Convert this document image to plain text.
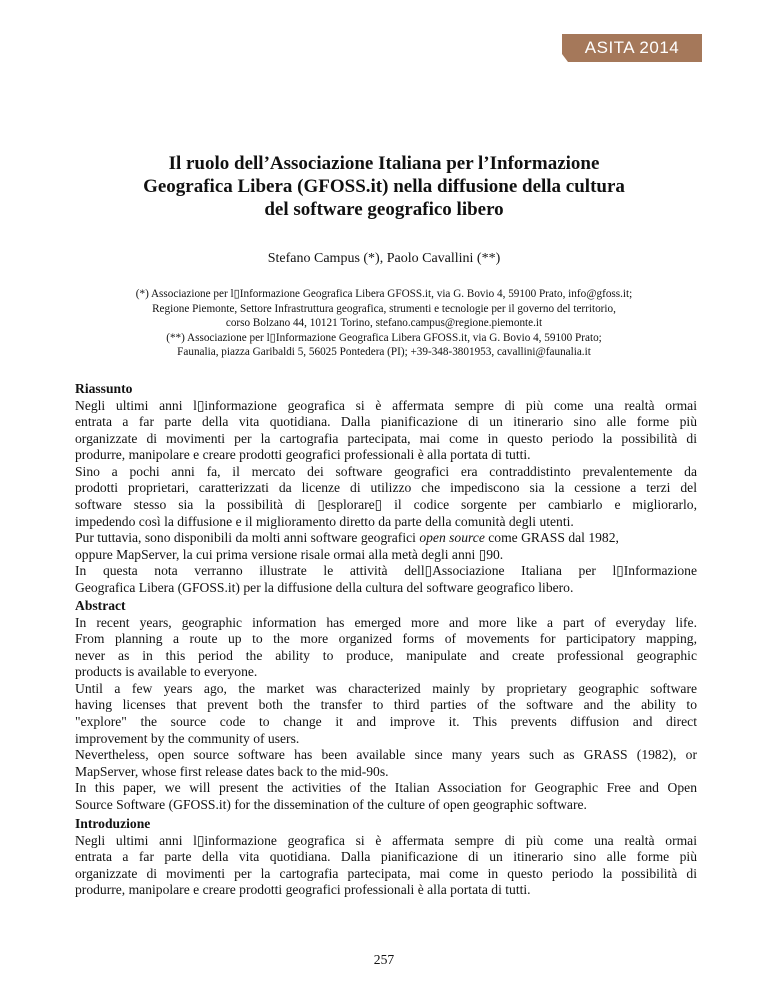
ASITA 2014
Il ruolo dell’Associazione Italiana per l’Informazione
Geografica Libera (GFOSS.it) nella diffusione della cultura
del software geografico libero
Stefano Campus (*), Paolo Cavallini (**)
(*) Associazione per l▯Informazione Geografica Libera GFOSS.it, via G. Bovio 4, 59100 Prato, info@gfoss.it;
Regione Piemonte, Settore Infrastruttura geografica, strumenti e tecnologie per il governo del territorio,
corso Bolzano 44, 10121 Torino, stefano.campus@regione.piemonte.it
(**) Associazione per l▯Informazione Geografica Libera GFOSS.it, via G. Bovio 4, 59100 Prato;
Faunalia, piazza Garibaldi 5, 56025 Pontedera (PI); +39-348-3801953, cavallini@faunalia.it
Riassunto
Negli ultimi anni l▯informazione geografica si è affermata sempre di più come una realtà ormai
entrata a far parte della vita quotidiana. Dalla pianificazione di un itinerario sino alle forme più
organizzate di movimenti per la cartografia partecipata, mai come in questo periodo la possibilità di
produrre, manipolare e creare prodotti geografici professionali è alla portata di tutti.
Sino a pochi anni fa, il mercato dei software geografici era contraddistinto prevalentemente da
prodotti proprietari, caratterizzati da licenze di utilizzo che impediscono sia la cessione a terzi del
software stesso sia la possibilità di ▯esplorare▯ il codice sorgente per cambiarlo e migliorarlo,
impedendo così la diffusione e il miglioramento diretto da parte della comunità degli utenti.
Pur tuttavia, sono disponibili da molti anni software geografici open source come GRASS dal 1982,
oppure MapServer, la cui prima versione risale ormai alla metà degli anni ▯90.
In questa nota verranno illustrate le attività dell▯Associazione Italiana per l▯Informazione
Geografica Libera (GFOSS.it) per la diffusione della cultura del software geografico libero.
Abstract
In recent years, geographic information has emerged more and more like a part of everyday life.
From planning a route up to the more organized forms of movements for participatory mapping,
never as in this period the ability to produce, manipulate and create professional geographic
products is available to everyone.
Until a few years ago, the market was characterized mainly by proprietary geographic software
having licenses that prevent both the transfer to third parties of the software and the ability to
"explore" the source code to change it and improve it. This prevents diffusion and direct
improvement by the community of users.
Nevertheless, open source software has been available since many years such as GRASS (1982), or
MapServer, whose first release dates back to the mid-90s.
In this paper, we will present the activities of the Italian Association for Geographic Free and Open
Source Software (GFOSS.it) for the dissemination of the culture of open geographic software.
Introduzione
Negli ultimi anni l▯informazione geografica si è affermata sempre di più come una realtà ormai
entrata a far parte della vita quotidiana. Dalla pianificazione di un itinerario sino alle forme più
organizzate di movimenti per la cartografia partecipata, mai come in questo periodo la possibilità di
produrre, manipolare e creare prodotti geografici professionali è alla portata di tutti.
257
